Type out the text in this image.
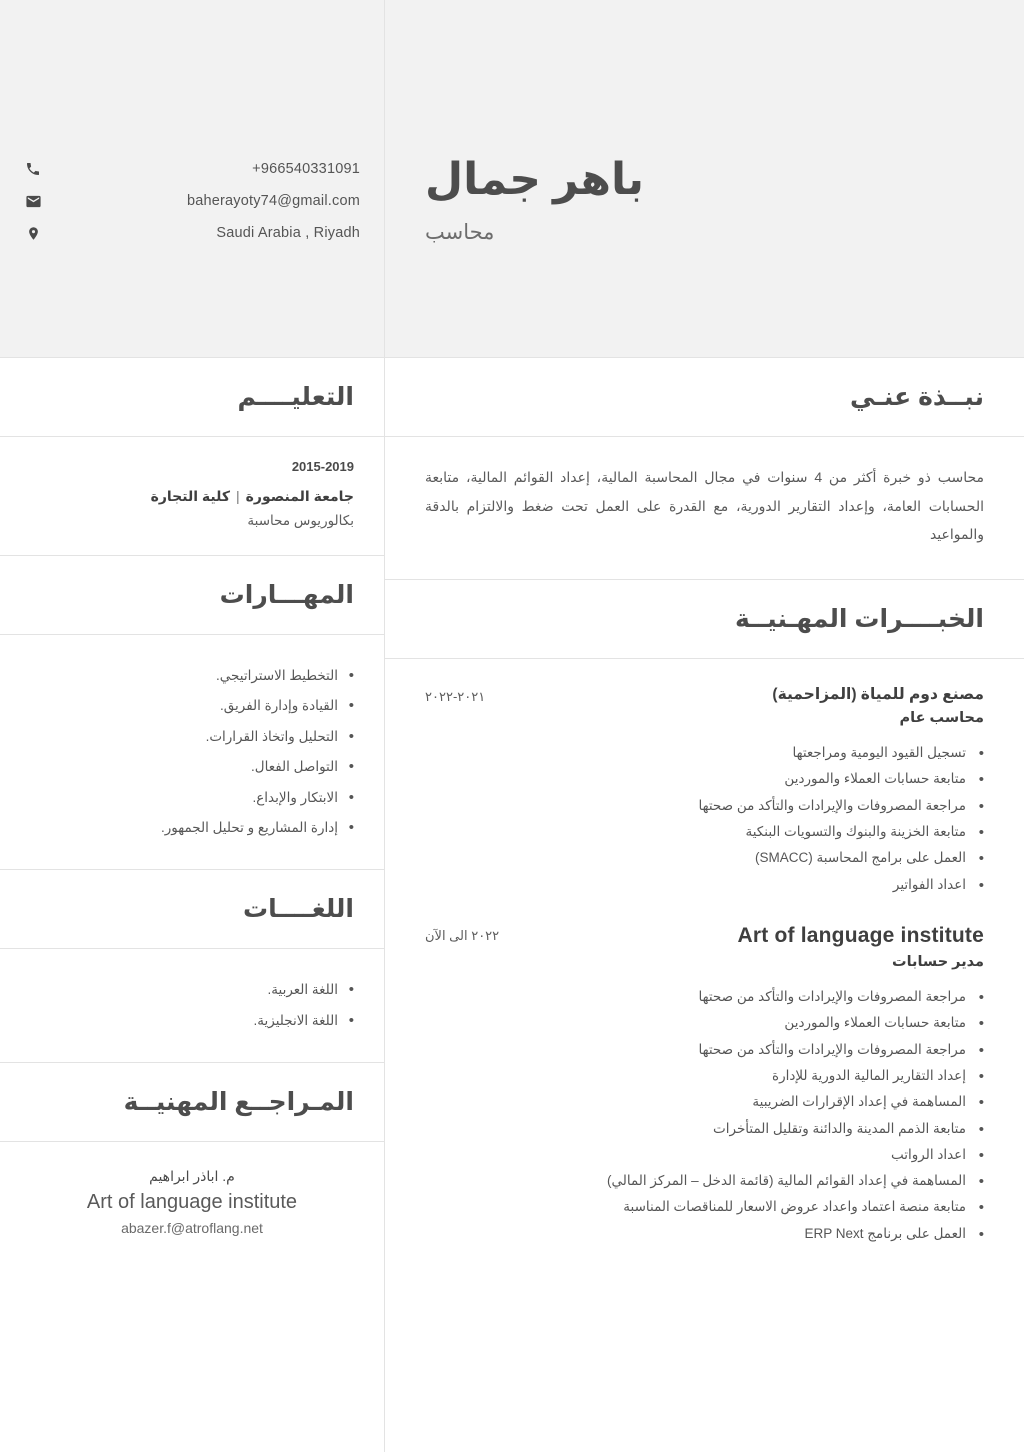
باهر جمال
محاسب
+966540331091
baherayoty74@gmail.com
Saudi Arabia , Riyadh
نبــذة عنـي

محاسب ذو خبرة أكثر من 4 سنوات في مجال المحاسبة المالية، إعداد القوائم المالية، متابعة الحسابات العامة، وإعداد التقارير الدورية، مع القدرة على العمل تحت ضغط والالتزام بالدقة والمواعيد

الخبــــرات المهـنيــة
مصنع دوم للمياة (المزاحمية)
محاسب عام
٢٠٢١-٢٠٢٢
• تسجيل القيود اليومية ومراجعتها
• متابعة حسابات العملاء والموردين
• مراجعة المصروفات والإيرادات والتأكد من صحتها
• متابعة الخزينة والبنوك والتسويات البنكية
• العمل على برامج المحاسبة (SMACC)
• اعداد الفواتير
Art of language institute
مدير حسابات
٢٠٢٢ الى الآن
• مراجعة المصروفات والإيرادات والتأكد من صحتها
• متابعة حسابات العملاء والموردين
• مراجعة المصروفات والإيرادات والتأكد من صحتها
• إعداد التقارير المالية الدورية للإدارة
• المساهمة في إعداد الإقرارات الضريبية
• متابعة الذمم المدينة والدائنة وتقليل المتأخرات
• اعداد الرواتب
• المساهمة في إعداد القوائم المالية (قائمة الدخل – المركز المالي)
• متابعة منصة اعتماد واعداد عروض الاسعار للمناقصات المناسبة
• العمل على برنامج ERP Next
التعليــــم
2015-2019
جامعة المنصورة|كلية التجارة
بكالوريوس محاسبة
المهـــارات
• التخطيط الاستراتيجي.
• القيادة وإدارة الفريق.
• التحليل واتخاذ القرارات.
• التواصل الفعال.
• الابتكار والإبداع.
• إدارة المشاريع و تحليل الجمهور.
اللغــــات
• اللغة العربية.
• اللغة الانجليزية.
المـراجــع المهنيــة
م. اباذر ابراهيم
Art of language institute
abazer.f@atroflang.net
